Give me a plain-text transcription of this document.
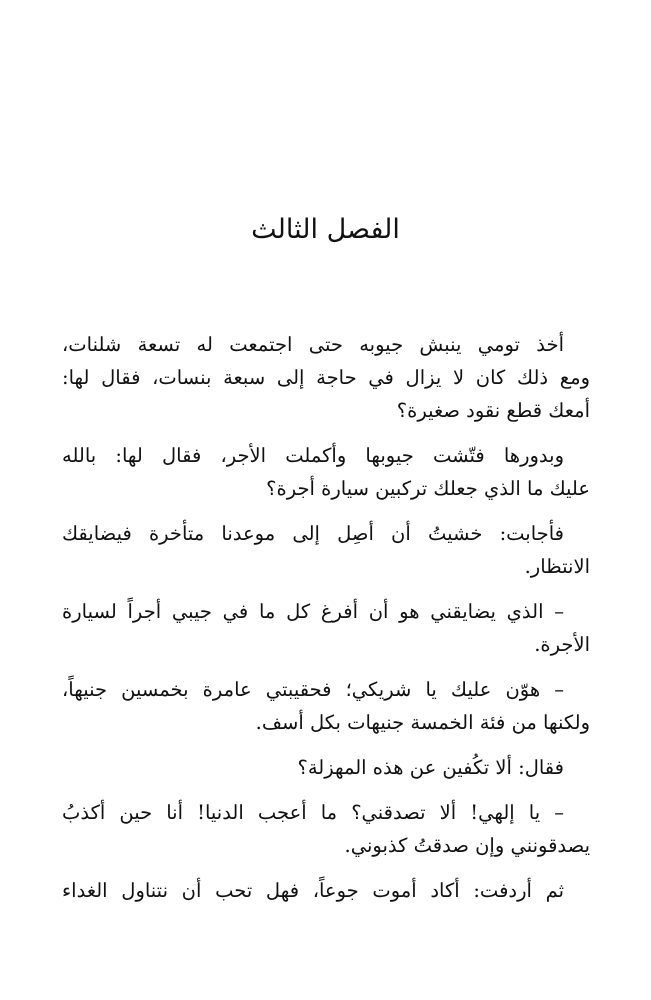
الفصل الثالث

أخذ تومي ينبش جيوبه حتى اجتمعت له تسعة شلنات،
ومع ذلك كان لا يزال في حاجة إلى سبعة بنسات، فقال لها:
أمعك قطع نقود صغيرة؟

وبدورها فتّشت جيوبها وأكملت الأجر، فقال لها: بالله
عليك ما الذي جعلك تركبين سيارة أجرة؟

فأجابت: خشيتُ أن أصِل إلى موعدنا متأخرة فيضايقك
الانتظار.

– الذي يضايقني هو أن أفرغ كل ما في جيبي أجراً لسيارة
الأجرة.

– هوّن عليك يا شريكي؛ فحقيبتي عامرة بخمسين جنيهاً،
ولكنها من فئة الخمسة جنيهات بكل أسف.

فقال: ألا تكُفين عن هذه المهزلة؟

– يا إلهي! ألا تصدقني؟ ما أعجب الدنيا! أنا حين أكذبُ
يصدقونني وإن صدقتُ كذبوني.

ثم أردفت: أكاد أموت جوعاً، فهل تحب أن نتناول الغداء
